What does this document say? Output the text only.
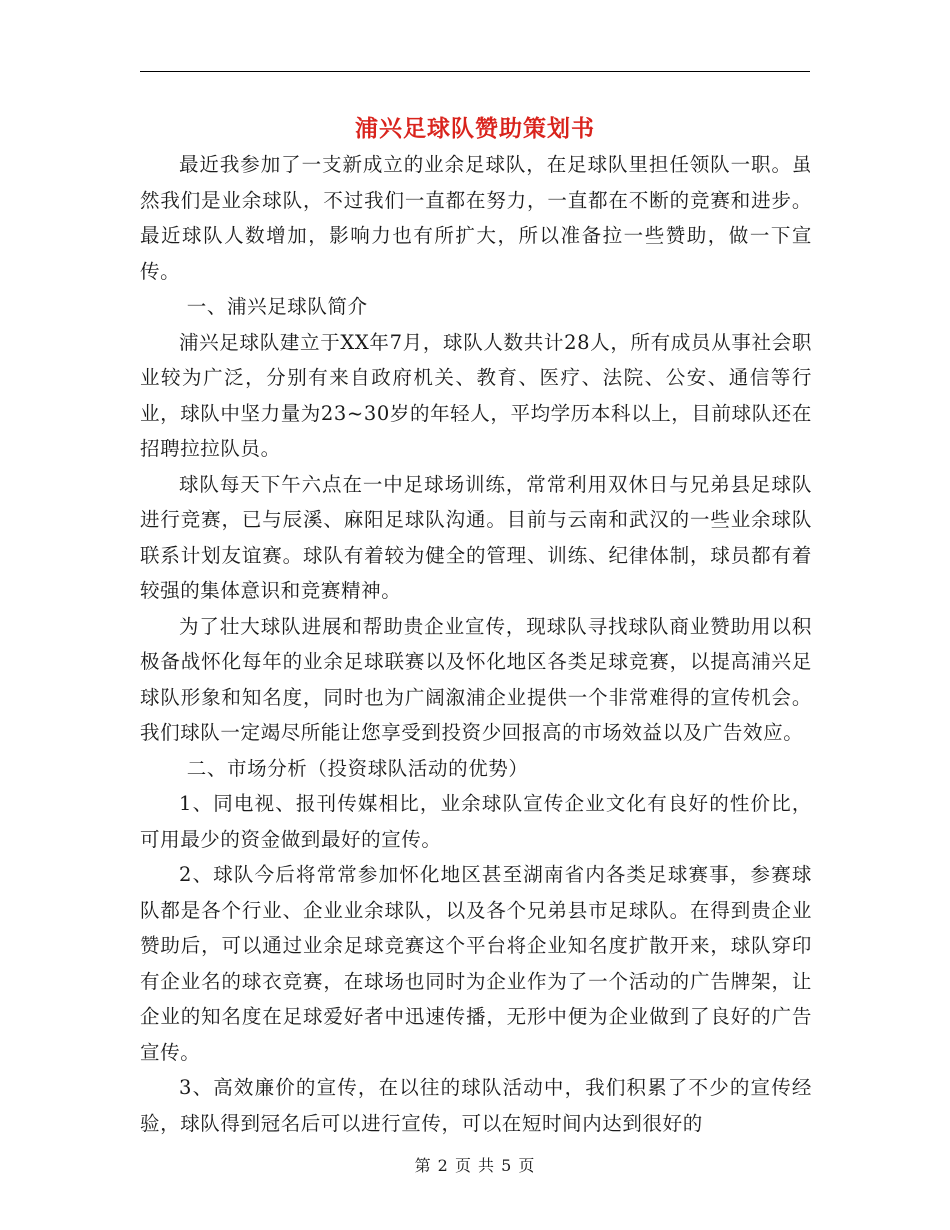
浦兴足球队赞助策划书

最近我参加了一支新成立的业余足球队，在足球队里担任领队一职。虽然我们是业余球队，不过我们一直都在努力，一直都在不断的竞赛和进步。最近球队人数增加，影响力也有所扩大，所以准备拉一些赞助，做一下宣传。

一、浦兴足球队简介

浦兴足球队建立于XX年7月，球队人数共计28人，所有成员从事社会职业较为广泛，分别有来自政府机关、教育、医疗、法院、公安、通信等行业，球队中坚力量为23~30岁的年轻人，平均学历本科以上，目前球队还在招聘拉拉队员。

球队每天下午六点在一中足球场训练，常常利用双休日与兄弟县足球队进行竞赛，已与辰溪、麻阳足球队沟通。目前与云南和武汉的一些业余球队联系计划友谊赛。球队有着较为健全的管理、训练、纪律体制，球员都有着较强的集体意识和竞赛精神。

为了壮大球队进展和帮助贵企业宣传，现球队寻找球队商业赞助用以积极备战怀化每年的业余足球联赛以及怀化地区各类足球竞赛，以提高浦兴足球队形象和知名度，同时也为广阔溆浦企业提供一个非常难得的宣传机会。我们球队一定竭尽所能让您享受到投资少回报高的市场效益以及广告效应。

二、市场分析（投资球队活动的优势）

1、同电视、报刊传媒相比，业余球队宣传企业文化有良好的性价比，可用最少的资金做到最好的宣传。

2、球队今后将常常参加怀化地区甚至湖南省内各类足球赛事，参赛球队都是各个行业、企业业余球队，以及各个兄弟县市足球队。在得到贵企业赞助后，可以通过业余足球竞赛这个平台将企业知名度扩散开来，球队穿印有企业名的球衣竞赛，在球场也同时为企业作为了一个活动的广告牌架，让企业的知名度在足球爱好者中迅速传播，无形中便为企业做到了良好的广告宣传。

3、高效廉价的宣传，在以往的球队活动中，我们积累了不少的宣传经验，球队得到冠名后可以进行宣传，可以在短时间内达到很好的

第 2 页 共 5 页
